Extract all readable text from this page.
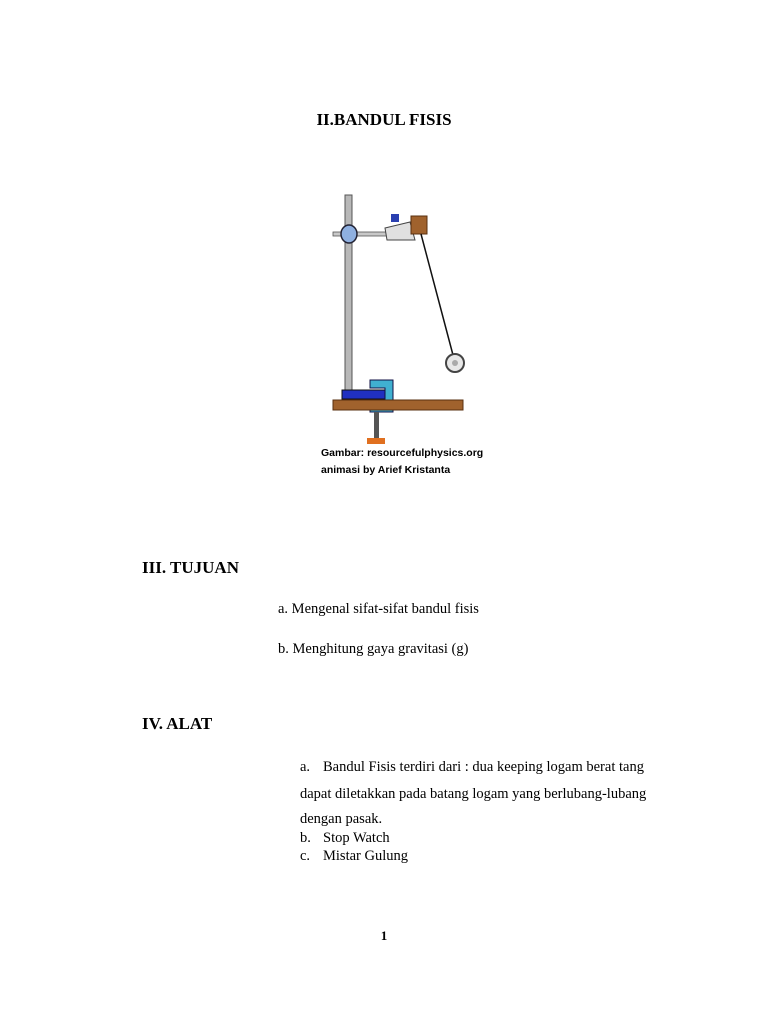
II.BANDUL FISIS
Gambar: resourcefulphysics.org
animasi by Arief Kristanta
III. TUJUAN
a. Mengenal sifat-sifat bandul fisis
b. Menghitung gaya gravitasi (g)
IV. ALAT
a. Bandul Fisis terdiri dari : dua keeping logam berat tang
dapat diletakkan pada batang logam yang berlubang-lubang
dengan pasak.
b. Stop Watch
c. Mistar Gulung
1
